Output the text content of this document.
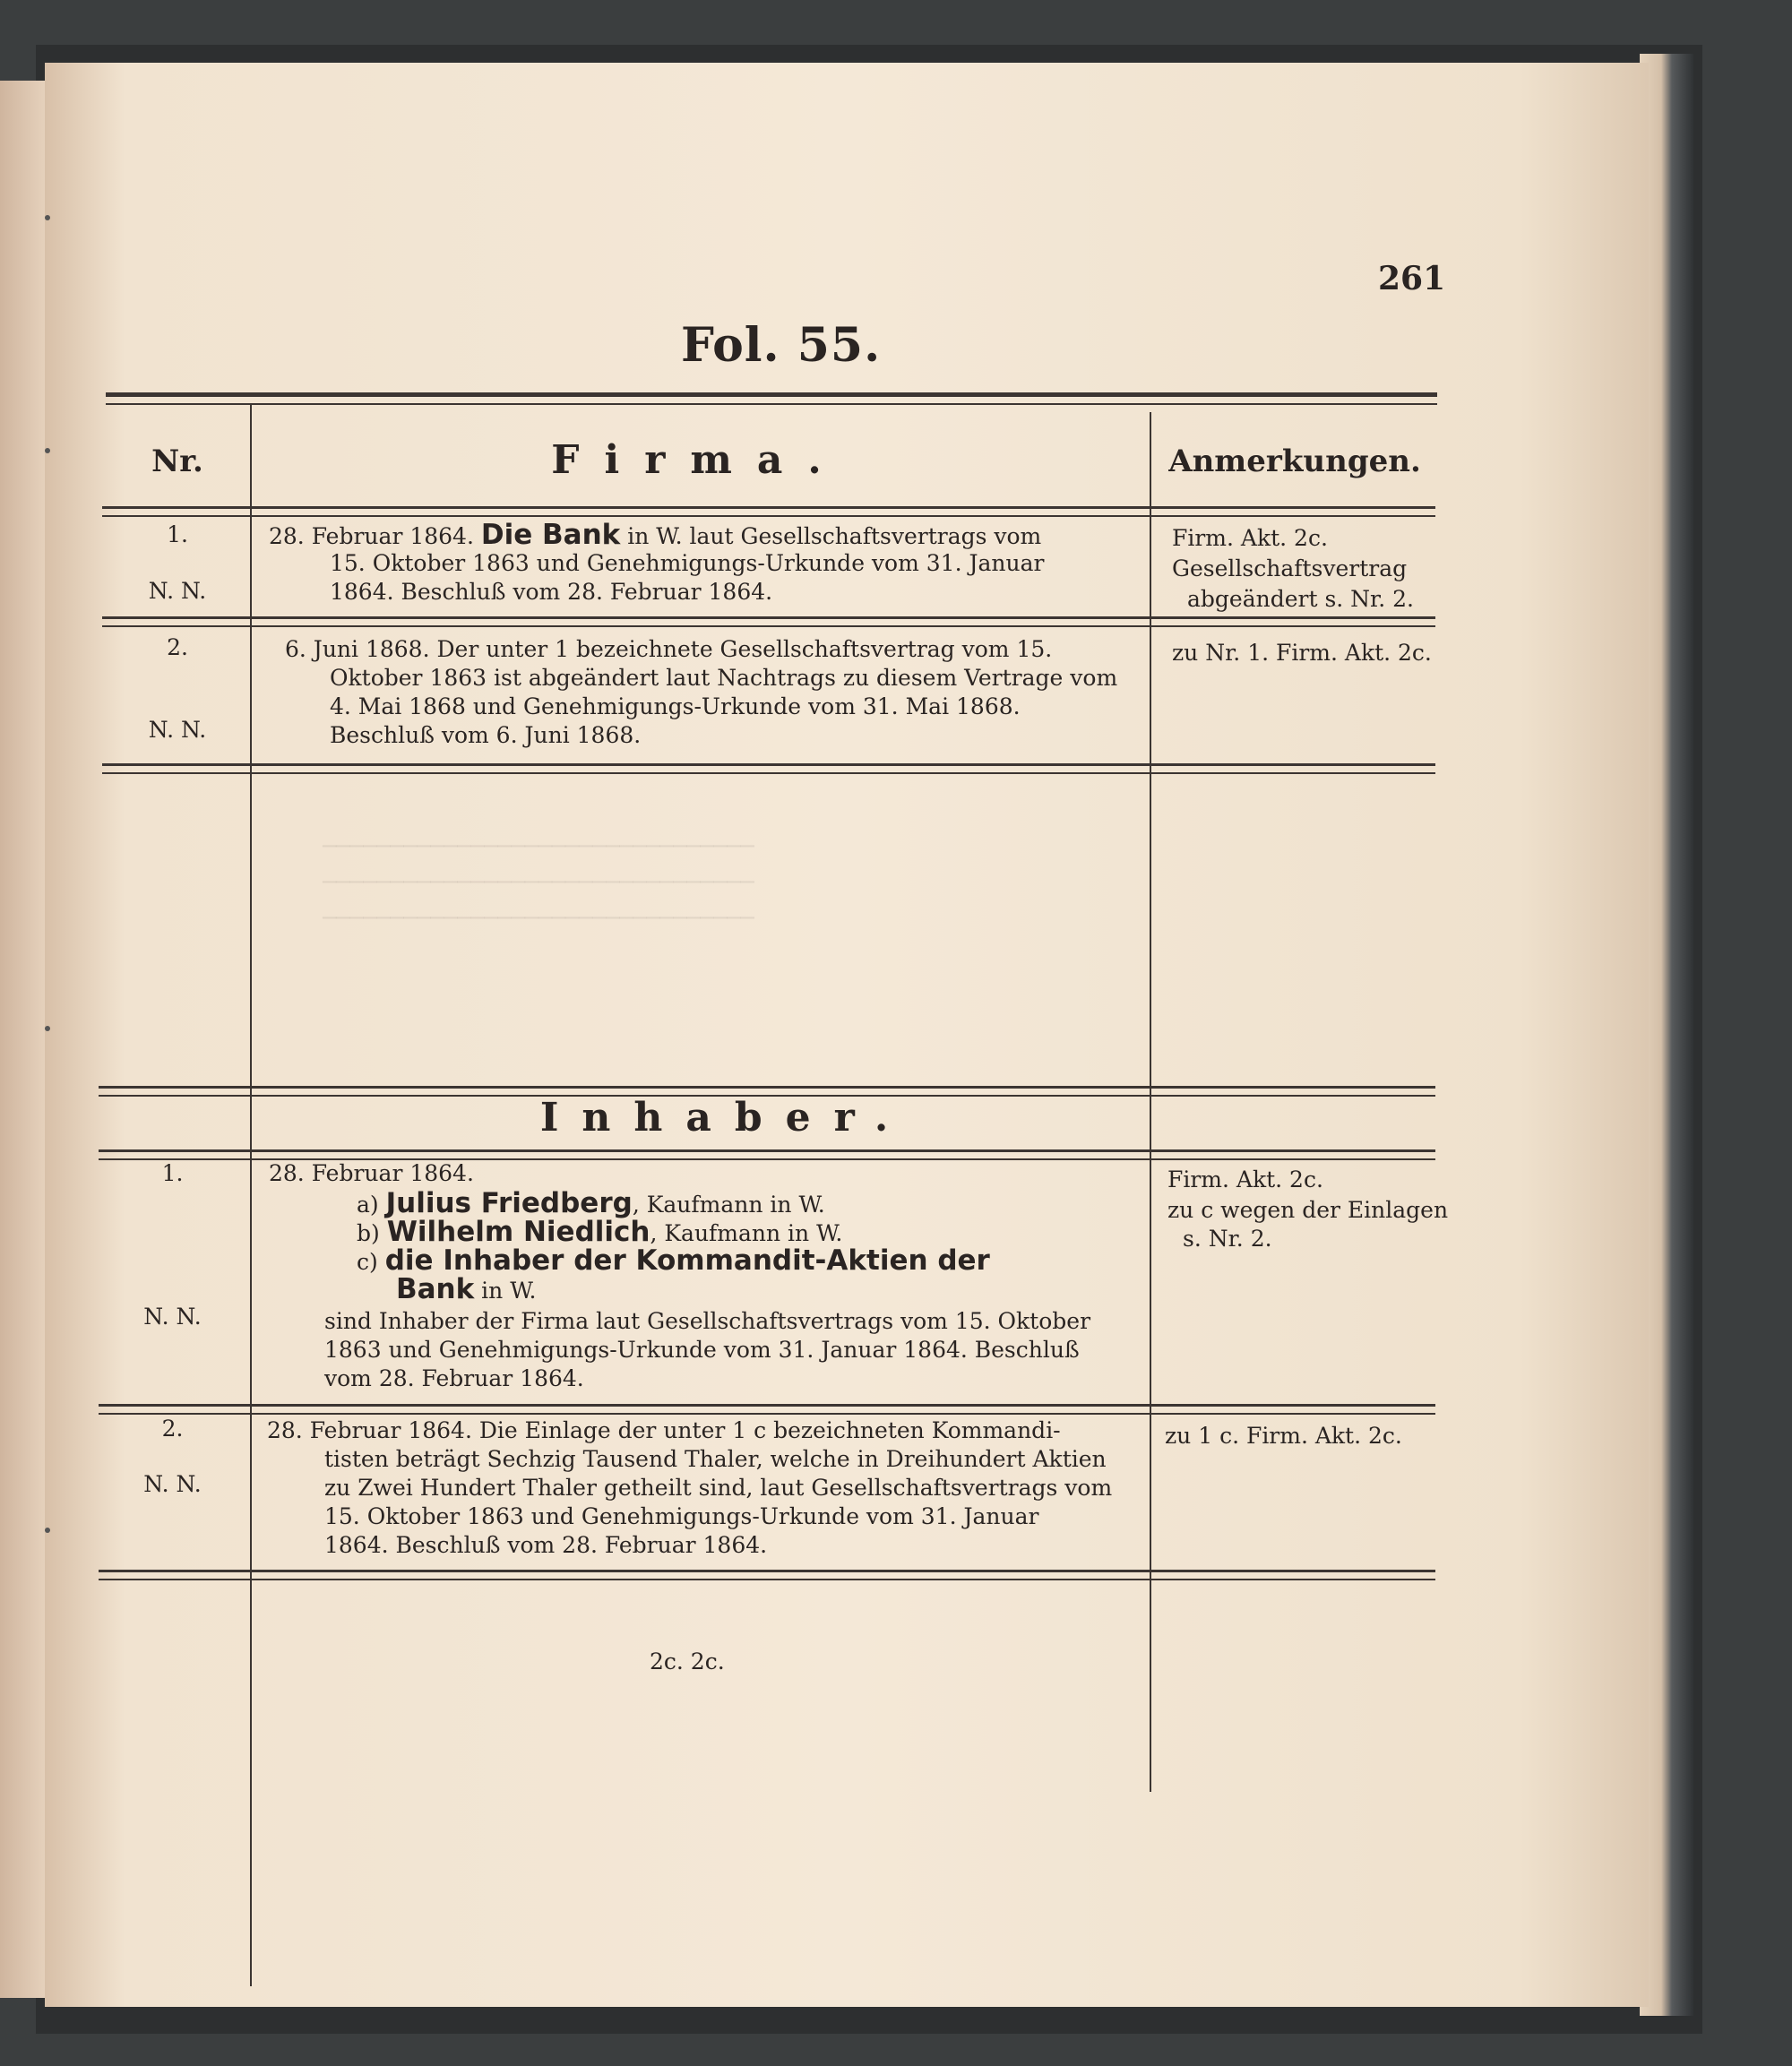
────────────────────────────────
────────────────────────────────
────────────────────────────────
261
Fol. 55.
Nr.	Firma.	Anmerkungen.
Inhaber.
1.
N. N.
28. Februar 1864. Die Bank in W. laut Gesellschaftsvertrags vom
15. Oktober 1863 und Genehmigungs-Urkunde vom 31. Januar
1864. Beschluß vom 28. Februar 1864.
Firm. Akt. 2c.
Gesellschaftsvertrag
abgeändert s. Nr. 2.
2.
N. N.
6. Juni 1868. Der unter 1 bezeichnete Gesellschaftsvertrag vom 15.
Oktober 1863 ist abgeändert laut Nachtrags zu diesem Vertrage vom
4. Mai 1868 und Genehmigungs-Urkunde vom 31. Mai 1868.
Beschluß vom 6. Juni 1868.
zu Nr. 1. Firm. Akt. 2c.
1.
N. N.
28. Februar 1864.
a) Julius Friedberg, Kaufmann in W.
b) Wilhelm Niedlich, Kaufmann in W.
c) die Inhaber der Kommandit-Aktien der
Bank in W.
sind Inhaber der Firma laut Gesellschaftsvertrags vom 15. Oktober
1863 und Genehmigungs-Urkunde vom 31. Januar 1864. Beschluß
vom 28. Februar 1864.
Firm. Akt. 2c.
zu c wegen der Einlagen
s. Nr. 2.
2.
N. N.
28. Februar 1864. Die Einlage der unter 1 c bezeichneten Kommandi-
tisten beträgt Sechzig Tausend Thaler, welche in Dreihundert Aktien
zu Zwei Hundert Thaler getheilt sind, laut Gesellschaftsvertrags vom
15. Oktober 1863 und Genehmigungs-Urkunde vom 31. Januar
1864. Beschluß vom 28. Februar 1864.
zu 1 c. Firm. Akt. 2c.
2c. 2c.
